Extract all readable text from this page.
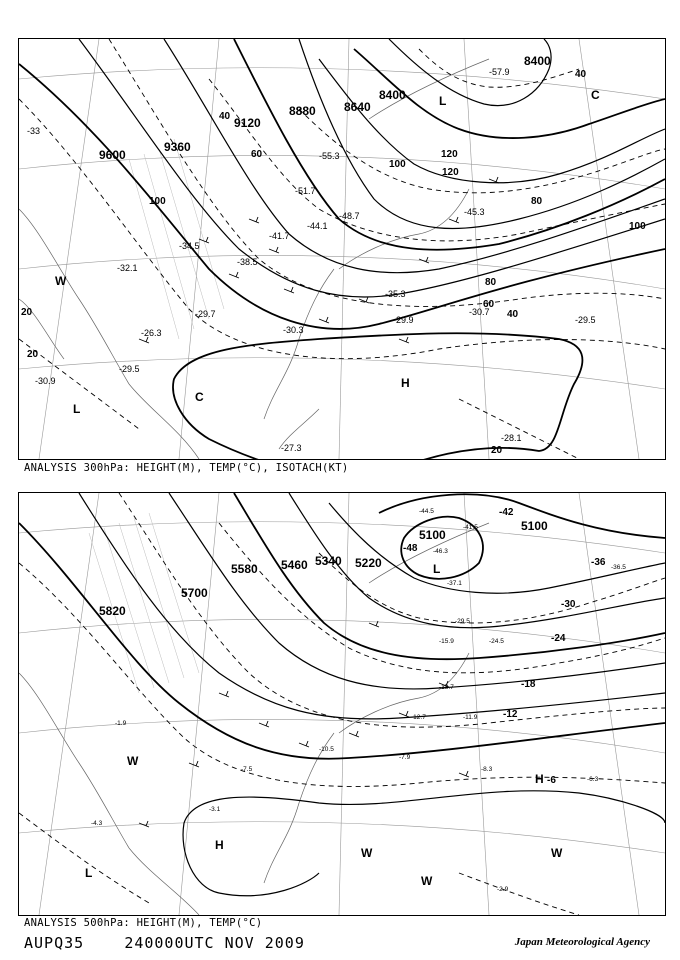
9600
9360
9120
8880 8640
8400
8400
100
60
40
120
80
100
80
60
40
20
20
20
40
120
100
-33
-34.5
-38.5
-41.7
-44.1
-48.7
-51.7
-55.3
-57.9
-45.3
-32.1
-29.7
-26.3
-29.5
-30.9
-30.3
-35.3
-29.9
-30.7
-29.5
-27.3
-28.1
L
H
C
C
W
L
ANALYSIS 300hPa: HEIGHT(M), TEMP(°C), ISOTACH(KT)
5820
5700
5580 5460 5340 5220
5100
5100
-42
-48
-36
-30
-24
-18
-12
-6
-44.5
-41.5
-46.3
-37.1
-36.5
-29.5
-24.5
-18.7
-15.9
-12.7	-11.9
-10.5
-7.9
-8.3
-6.3
-7.5
-3.1
-4.3
-2.9
-1.9
L
H
H
L
W
W
W
W
ANALYSIS 500hPa: HEIGHT(M), TEMP(°C)
AUPQ35	240000UTC NOV 2009	Japan Meteorological Agency
